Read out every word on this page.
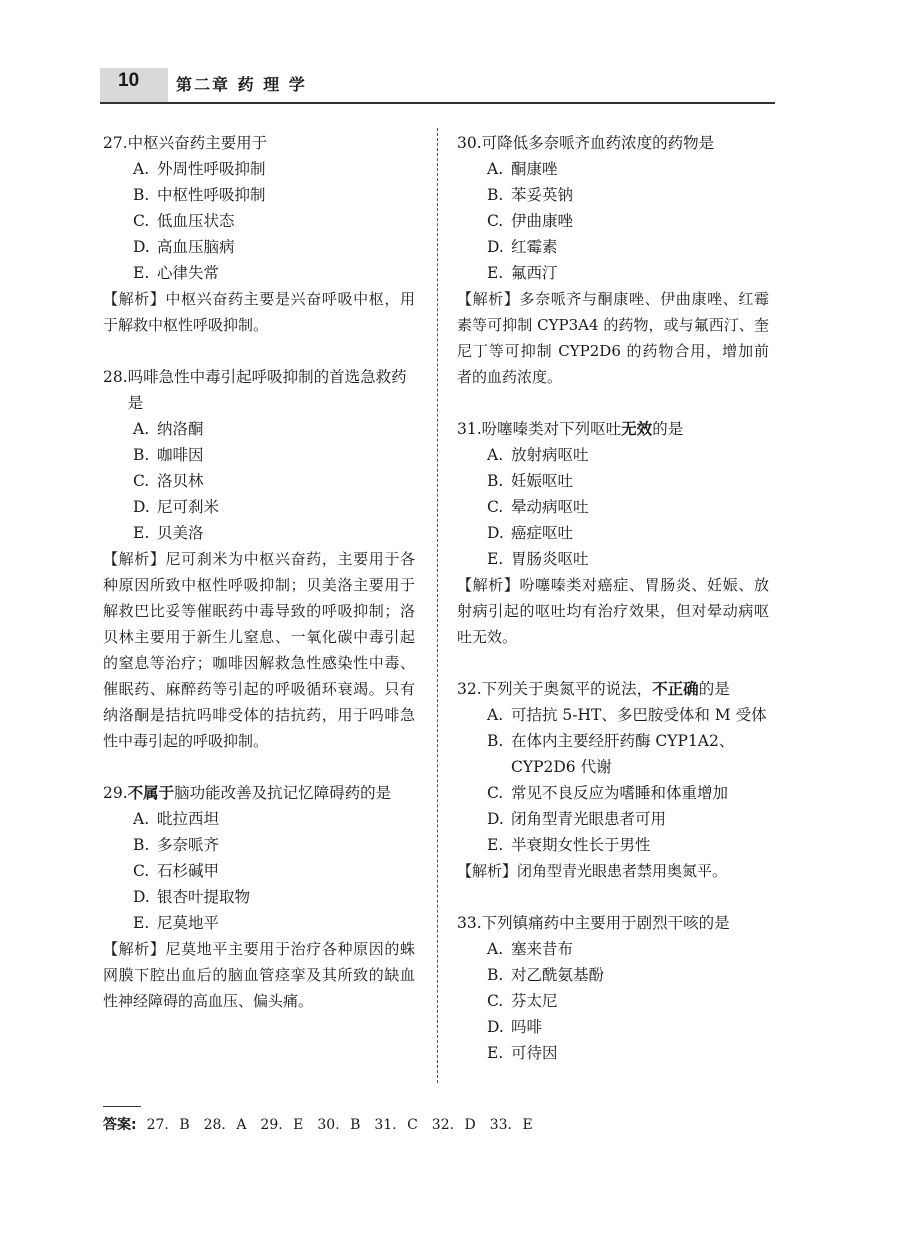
10 第二章 药 理 学
27. 中枢兴奋药主要用于
A. 外周性呼吸抑制
B. 中枢性呼吸抑制
C. 低血压状态
D. 高血压脑病
E. 心律失常
【解析】中枢兴奋药主要是兴奋呼吸中枢，用于解救中枢性呼吸抑制。
28. 吗啡急性中毒引起呼吸抑制的首选急救药是
A. 纳洛酮
B. 咖啡因
C. 洛贝林
D. 尼可刹米
E. 贝美洛
【解析】尼可刹米为中枢兴奋药，主要用于各种原因所致中枢性呼吸抑制；贝美洛主要用于解救巴比妥等催眠药中毒导致的呼吸抑制；洛贝林主要用于新生儿窒息、一氧化碳中毒引起的窒息等治疗；咖啡因解救急性感染性中毒、催眠药、麻醉药等引起的呼吸循环衰竭。只有纳洛酮是拮抗吗啡受体的拮抗药，用于吗啡急性中毒引起的呼吸抑制。
29. 不属于脑功能改善及抗记忆障碍药的是
A. 吡拉西坦
B. 多奈哌齐
C. 石杉碱甲
D. 银杏叶提取物
E. 尼莫地平
【解析】尼莫地平主要用于治疗各种原因的蛛网膜下腔出血后的脑血管痉挛及其所致的缺血性神经障碍的高血压、偏头痛。
30. 可降低多奈哌齐血药浓度的药物是
A. 酮康唑
B. 苯妥英钠
C. 伊曲康唑
D. 红霉素
E. 氟西汀
【解析】多奈哌齐与酮康唑、伊曲康唑、红霉素等可抑制 CYP3A4 的药物，或与氟西汀、奎尼丁等可抑制 CYP2D6 的药物合用，增加前者的血药浓度。
31. 吩噻嗪类对下列呕吐无效的是
A. 放射病呕吐
B. 妊娠呕吐
C. 晕动病呕吐
D. 癌症呕吐
E. 胃肠炎呕吐
【解析】吩噻嗪类对癌症、胃肠炎、妊娠、放射病引起的呕吐均有治疗效果，但对晕动病呕吐无效。
32. 下列关于奥氮平的说法，不正确的是
A. 可拮抗 5-HT、多巴胺受体和 M 受体
B. 在体内主要经肝药酶 CYP1A2、CYP2D6 代谢
C. 常见不良反应为嗜睡和体重增加
D. 闭角型青光眼患者可用
E. 半衰期女性长于男性
【解析】闭角型青光眼患者禁用奥氮平。
33. 下列镇痛药中主要用于剧烈干咳的是
A. 塞来昔布
B. 对乙酰氨基酚
C. 芬太尼
D. 吗啡
E. 可待因
答案: 27. B　28. A　29. E　30. B　31. C　32. D　33. E
